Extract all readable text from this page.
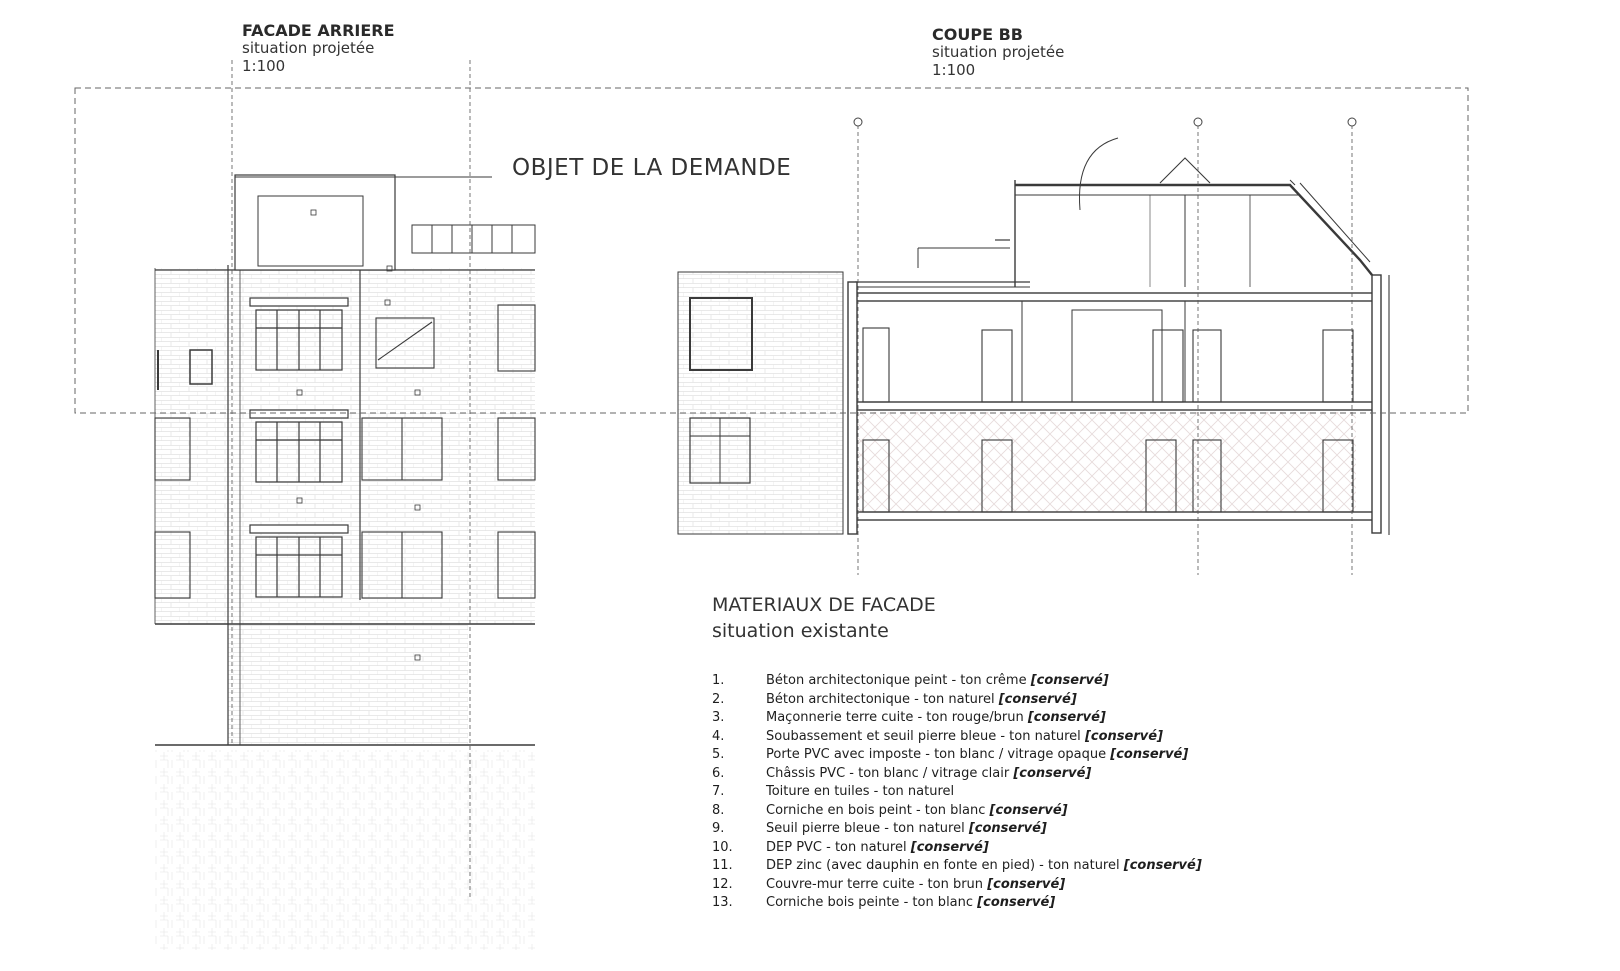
FACADE ARRIERE
situation projetée
1:100
COUPE BB
situation projetée
1:100
OBJET DE LA DEMANDE
MATERIAUX DE FACADE
situation existante
1.	Béton architectonique peint - ton crême [conservé]
2.	Béton architectonique - ton naturel [conservé]
3.	Maçonnerie terre cuite - ton rouge/brun [conservé]
4.	Soubassement et seuil pierre bleue - ton naturel [conservé]
5.	Porte PVC avec imposte - ton blanc / vitrage opaque [conservé]
6.	Châssis PVC - ton blanc / vitrage clair [conservé]
7.	Toiture en tuiles - ton naturel
8.	Corniche en bois peint - ton blanc [conservé]
9.	Seuil pierre bleue - ton naturel [conservé]
10.	DEP PVC - ton naturel [conservé]
11.	DEP zinc (avec dauphin en fonte en pied) - ton naturel [conservé]
12.	Couvre-mur terre cuite - ton brun [conservé]
13.	Corniche bois peinte - ton blanc [conservé]
